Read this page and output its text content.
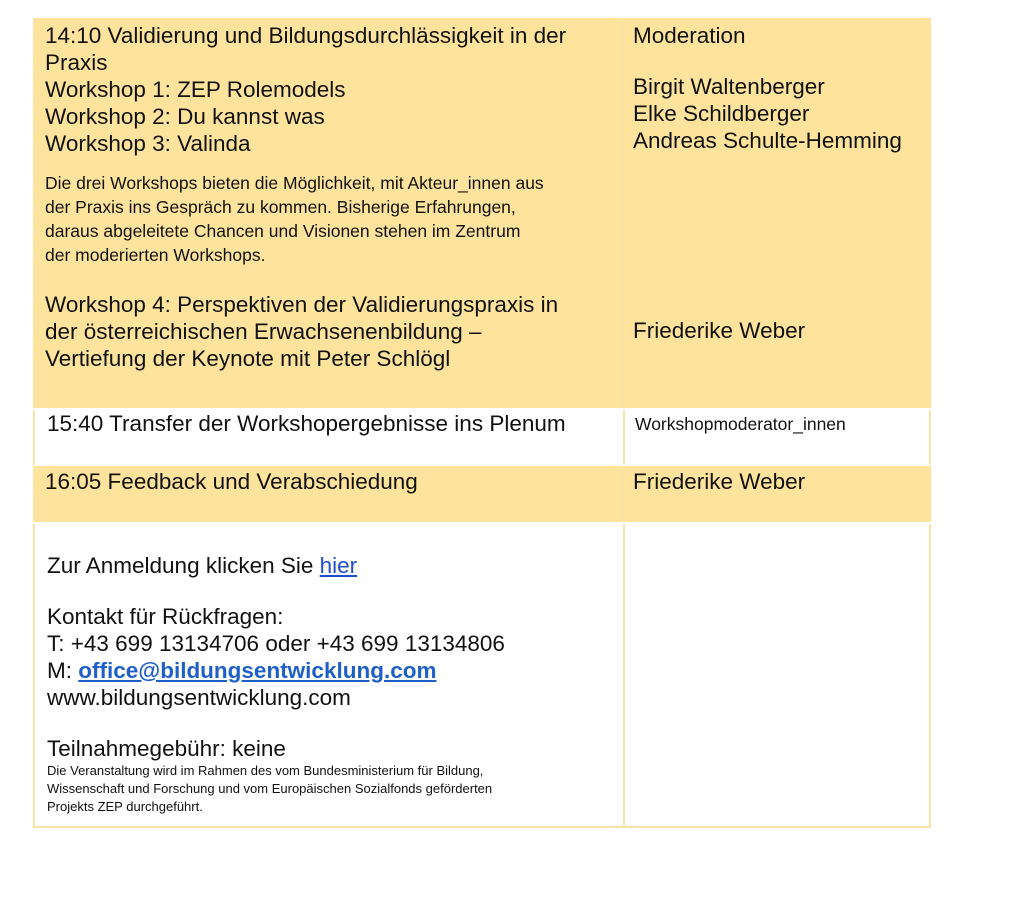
14:10 Validierung und Bildungsdurchlässigkeit in der
Praxis
Workshop 1: ZEP Rolemodels
Workshop 2: Du kannst was
Workshop 3: Valinda
Die drei Workshops bieten die Möglichkeit, mit Akteur_innen aus
der Praxis ins Gespräch zu kommen. Bisherige Erfahrungen,
daraus abgeleitete Chancen und Visionen stehen im Zentrum
der moderierten Workshops.
Workshop 4: Perspektiven der Validierungspraxis in
der österreichischen Erwachsenenbildung –
Vertiefung der Keynote mit Peter Schlögl
Moderation
Birgit Waltenberger
Elke Schildberger
Andreas Schulte-Hemming
Friederike Weber
15:40 Transfer der Workshopergebnisse ins Plenum	Workshopmoderator_innen
16:05 Feedback und Verabschiedung	Friederike Weber
Zur Anmeldung klicken Sie hier
Kontakt für Rückfragen:
T: +43 699 13134706 oder +43 699 13134806
M: office@bildungsentwicklung.com
www.bildungsentwicklung.com
Teilnahmegebühr: keine
Die Veranstaltung wird im Rahmen des vom Bundesministerium für Bildung,
Wissenschaft und Forschung und vom Europäischen Sozialfonds geförderten
Projekts ZEP durchgeführt.
